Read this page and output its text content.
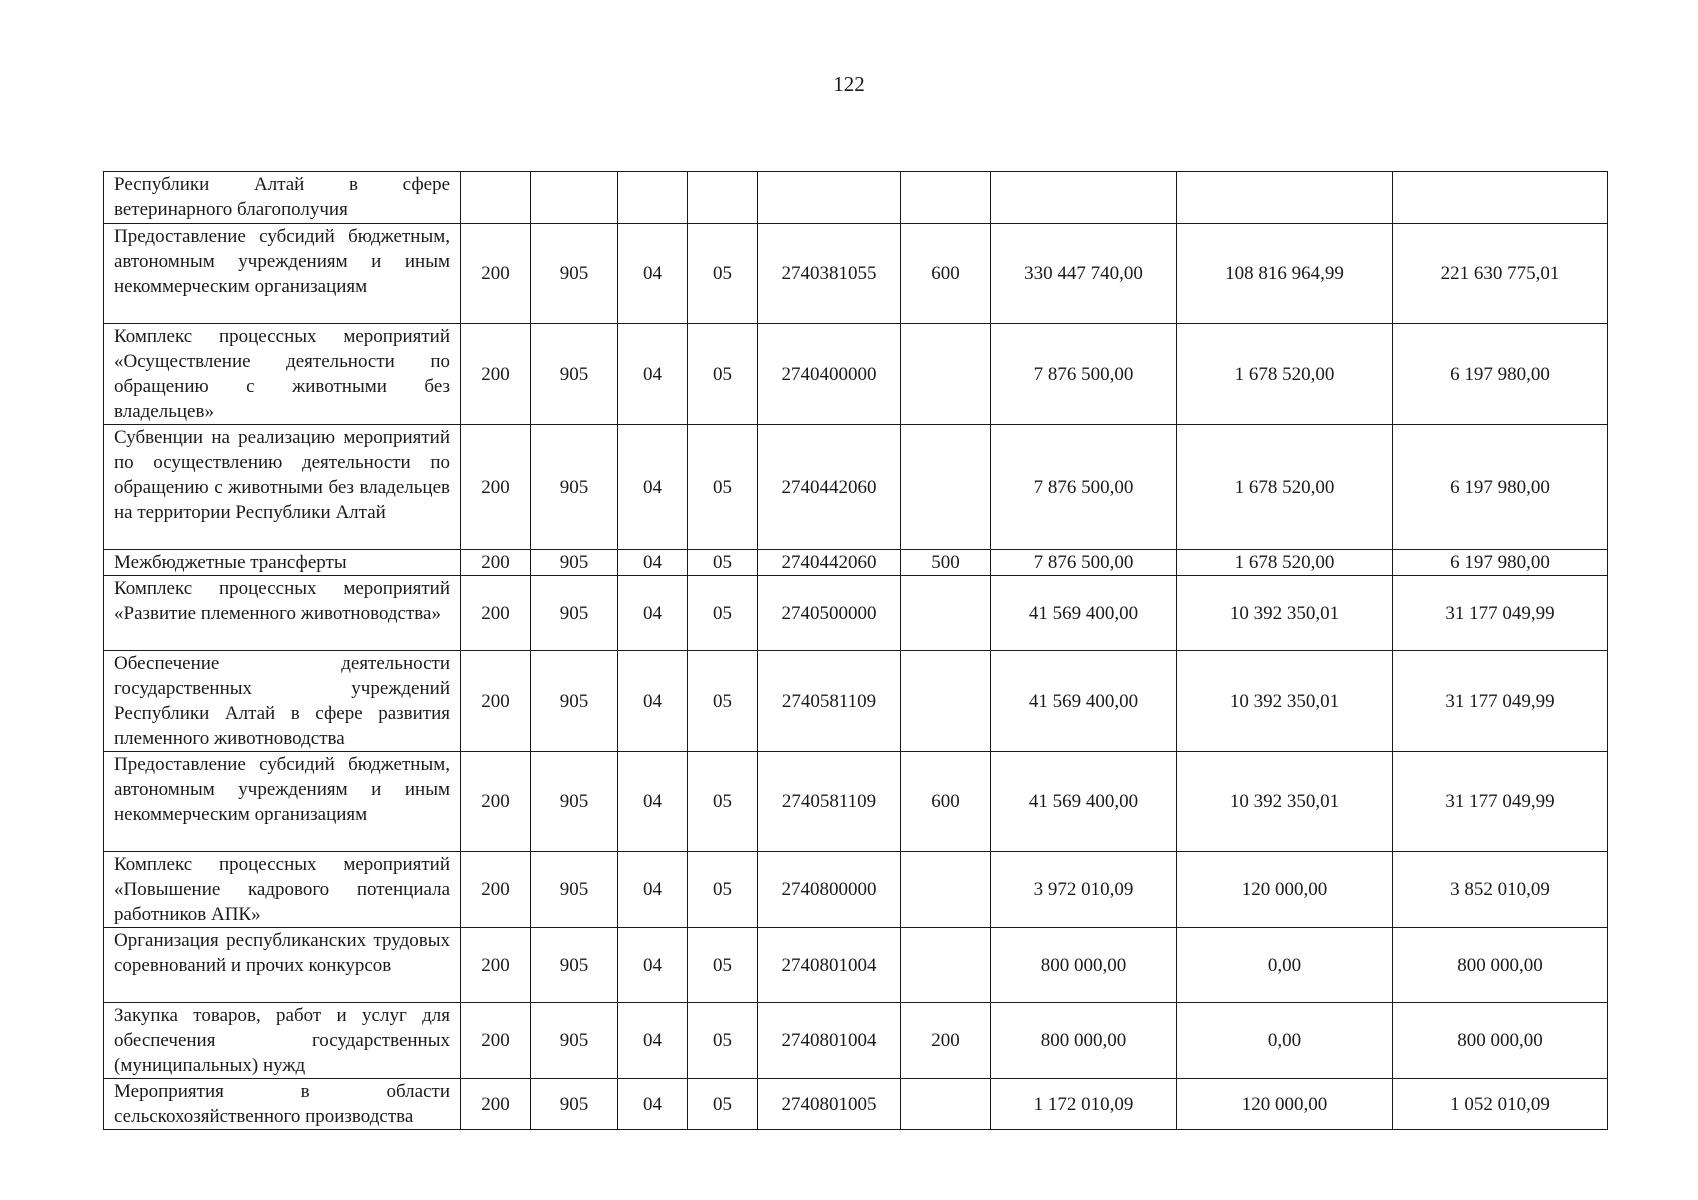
122
Республики Алтай в сфере ветеринарного благополучия									
Предоставление субсидий бюджетным, автономным учреждениям и иным некоммерческим организациям	200	905	04	05	2740381055	600	330 447 740,00	108 816 964,99	221 630 775,01
Комплекс процессных мероприятий «Осуществление деятельности по обращению с животными без владельцев»	200	905	04	05	2740400000		7 876 500,00	1 678 520,00	6 197 980,00
Субвенции на реализацию мероприятий по осуществлению деятельности по обращению с животными без владельцев на территории Республики Алтай	200	905	04	05	2740442060		7 876 500,00	1 678 520,00	6 197 980,00
Межбюджетные трансферты	200	905	04	05	2740442060	500	7 876 500,00	1 678 520,00	6 197 980,00
Комплекс процессных мероприятий «Развитие племенного животноводства»	200	905	04	05	2740500000		41 569 400,00	10 392 350,01	31 177 049,99
Обеспечение деятельности государственных учреждений Республики Алтай в сфере развития племенного животноводства	200	905	04	05	2740581109		41 569 400,00	10 392 350,01	31 177 049,99
Предоставление субсидий бюджетным, автономным учреждениям и иным некоммерческим организациям	200	905	04	05	2740581109	600	41 569 400,00	10 392 350,01	31 177 049,99
Комплекс процессных мероприятий «Повышение кадрового потенциала работников АПК»	200	905	04	05	2740800000		3 972 010,09	120 000,00	3 852 010,09
Организация республиканских трудовых соревнований и прочих конкурсов	200	905	04	05	2740801004		800 000,00	0,00	800 000,00
Закупка товаров, работ и услуг для обеспечения государственных (муниципальных) нужд	200	905	04	05	2740801004	200	800 000,00	0,00	800 000,00
Мероприятия в области сельскохозяйственного производства	200	905	04	05	2740801005		1 172 010,09	120 000,00	1 052 010,09
